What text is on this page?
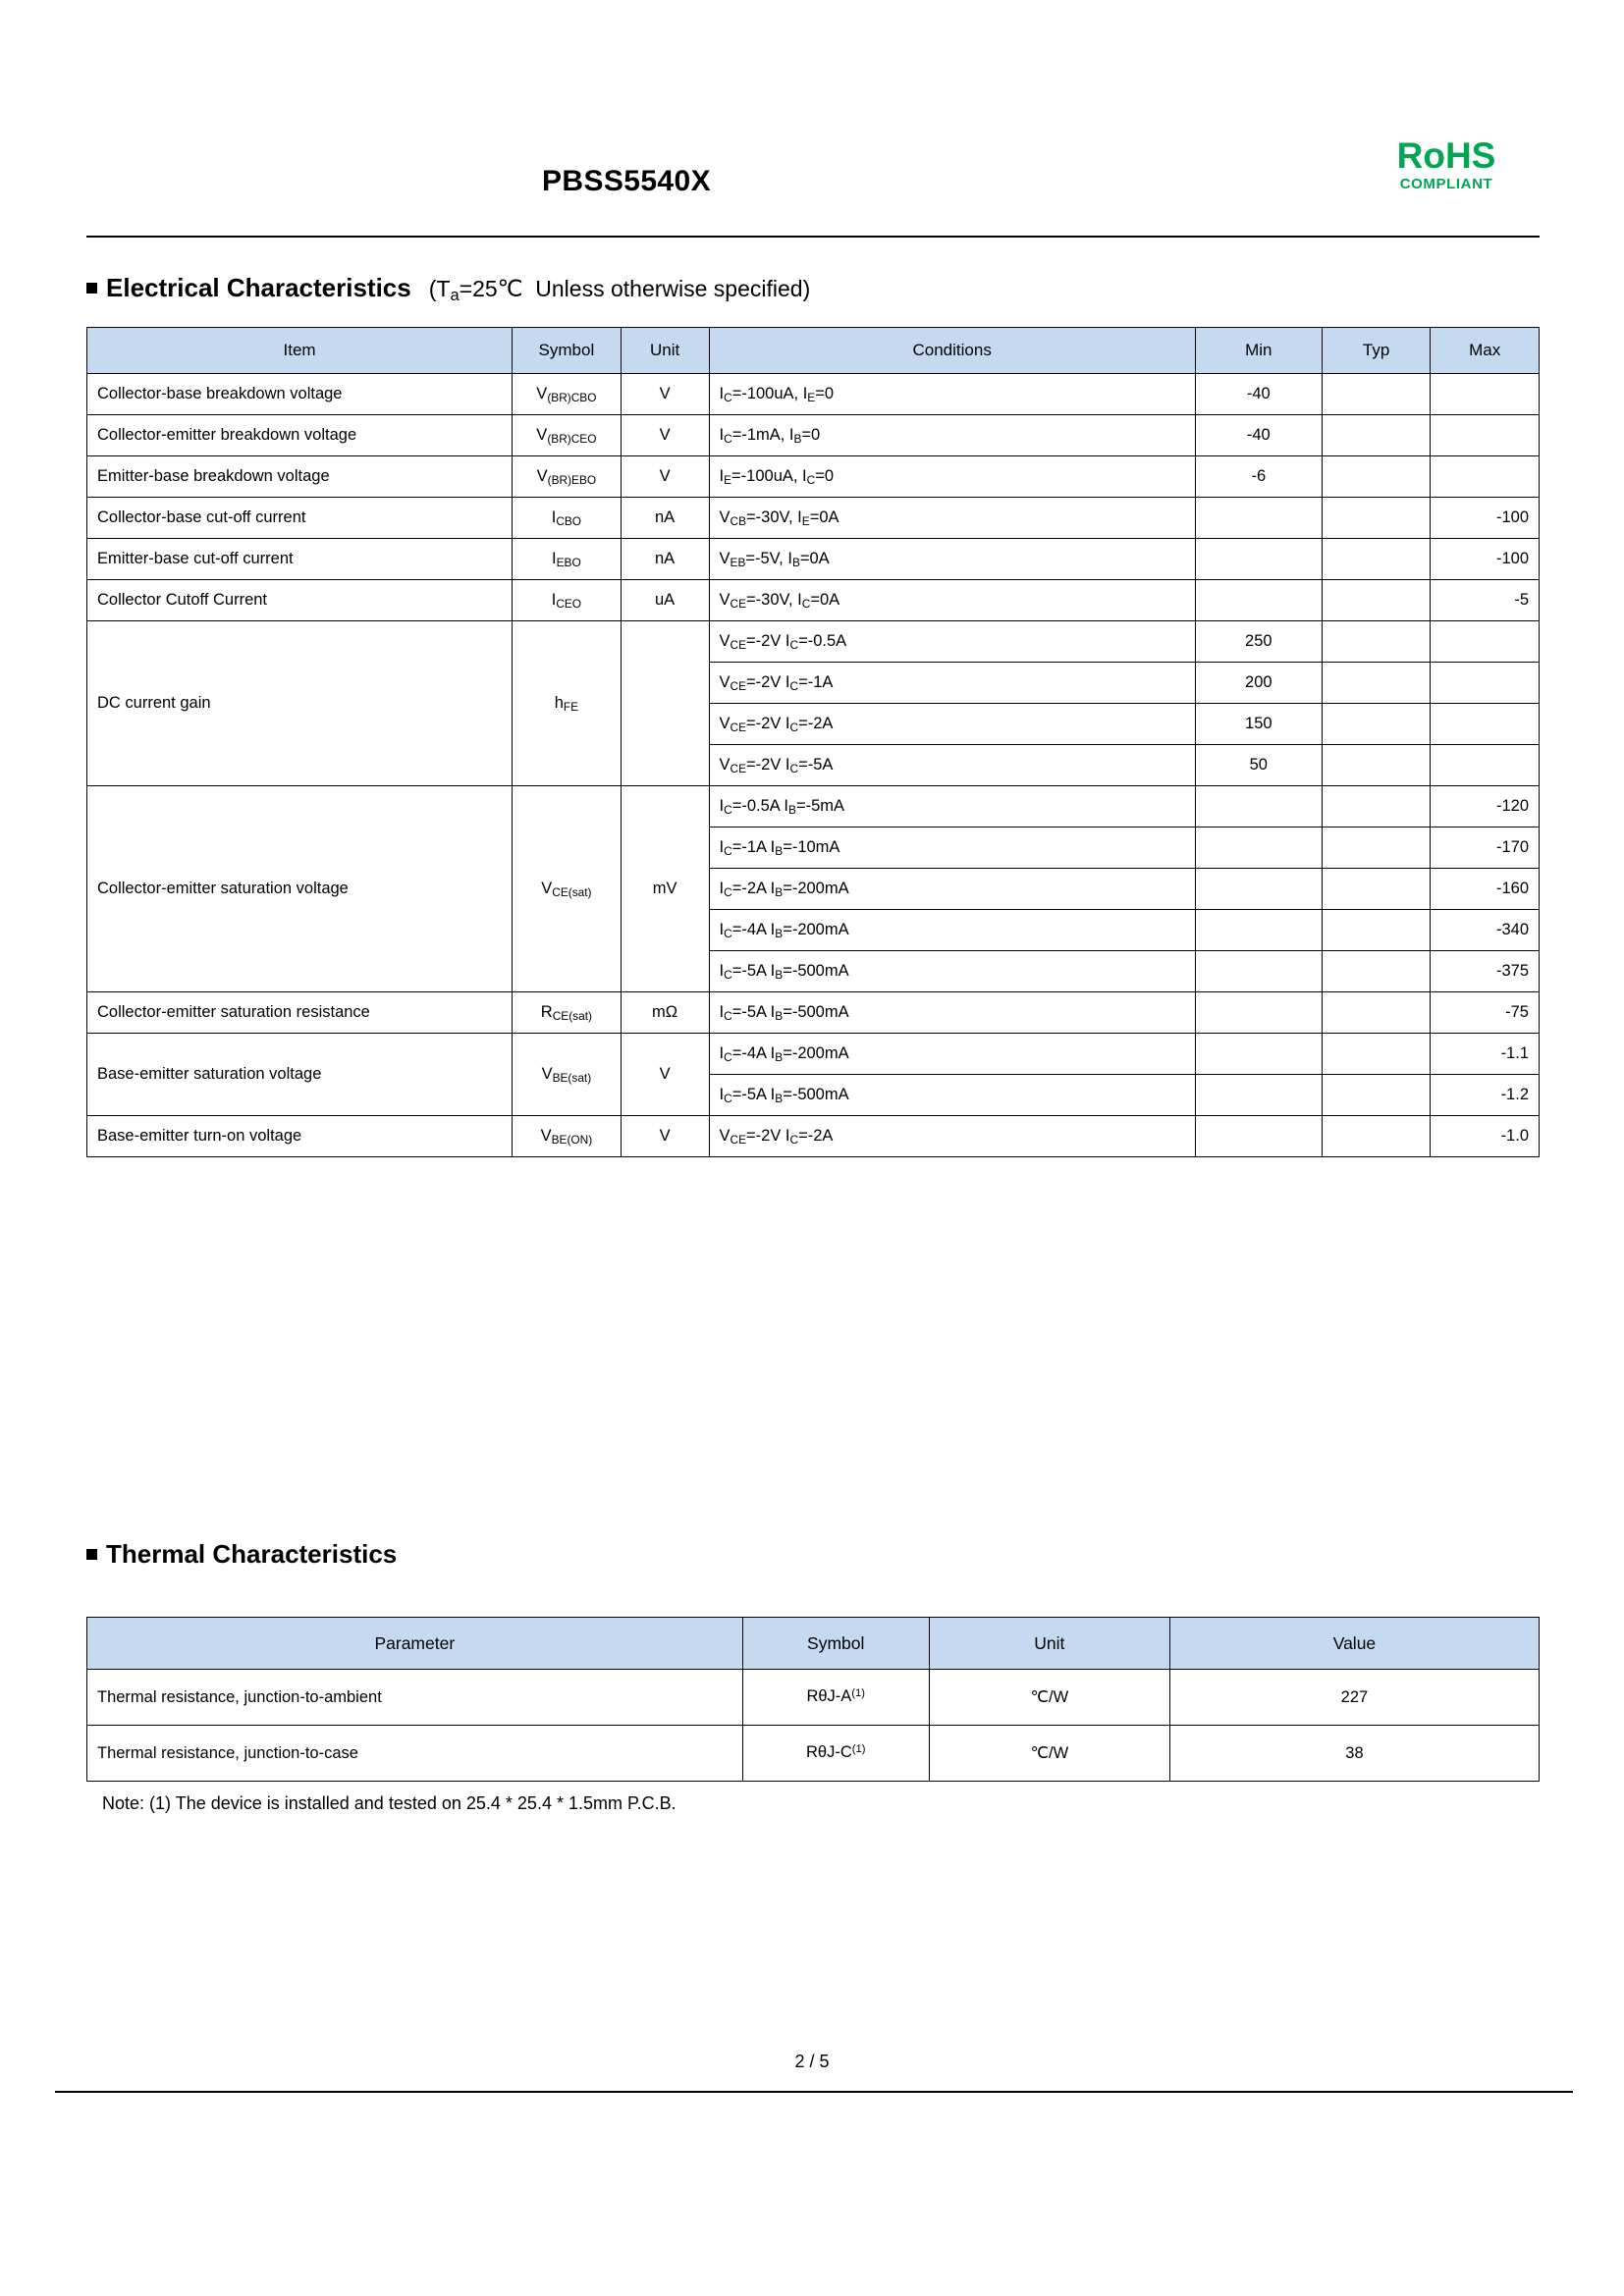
PBSS5540X
RoHS
COMPLIANT
Electrical Characteristics ($T_a=25℃$  Unless otherwise specified)
Item	Symbol	Unit	Conditions	Min	Typ	Max
Collector-base breakdown voltage	$V_{(BR)CBO}$	V	$I_C=-100uA$, $I_E=0$	-40		
Collector-emitter breakdown voltage	$V_{(BR)CEO}$	V	$I_C=-1mA$, $I_B=0$	-40		
Emitter-base breakdown voltage	$V_{(BR)EBO}$	V	$I_E=-100uA$, $I_C=0$	-6		
Collector-base cut-off current	$I_{CBO}$	nA	$V_{CB}=-30V$, $I_E=0A$			-100
Emitter-base cut-off current	$I_{EBO}$	nA	$V_{EB}=-5V$, $I_B=0A$			-100
Collector Cutoff Current	$I_{CEO}$	uA	$V_{CE}=-30V$, $I_C=0A$			-5
DC current gain	$h_{FE}$		$V_{CE}=-2V$ $I_C=-0.5A$	250		
			$V_{CE}=-2V$ $I_C=-1A$	200		
			$V_{CE}=-2V$ $I_C=-2A$	150		
			$V_{CE}=-2V$ $I_C=-5A$	50		
Collector-emitter saturation voltage	$V_{CE(sat)}$	mV	$I_C=-0.5A$ $I_B=-5mA$			-120
			$I_C=-1A$ $I_B=-10mA$			-170
			$I_C=-2A$ $I_B=-200mA$			-160
			$I_C=-4A$ $I_B=-200mA$			-340
			$I_C=-5A$ $I_B=-500mA$			-375
Collector-emitter saturation resistance	$R_{CE(sat)}$	mΩ	$I_C=-5A$ $I_B=-500mA$			-75
Base-emitter saturation voltage	$V_{BE(sat)}$	V	$I_C=-4A$ $I_B=-200mA$			-1.1
			$I_C=-5A$ $I_B=-500mA$			-1.2
Base-emitter turn-on voltage	$V_{BE(ON)}$	V	$V_{CE}=-2V$ $I_C=-2A$			-1.0
Thermal Characteristics
Parameter	Symbol	Unit	Value
Thermal resistance, junction-to-ambient	RθJ-$A^{(1)}$	℃/W	227
Thermal resistance, junction-to-case	RθJ-$C^{(1)}$	℃/W	38
Note: (1) The device is installed and tested on 25.4 * 25.4 * 1.5mm P.C.B.
2 / 5
